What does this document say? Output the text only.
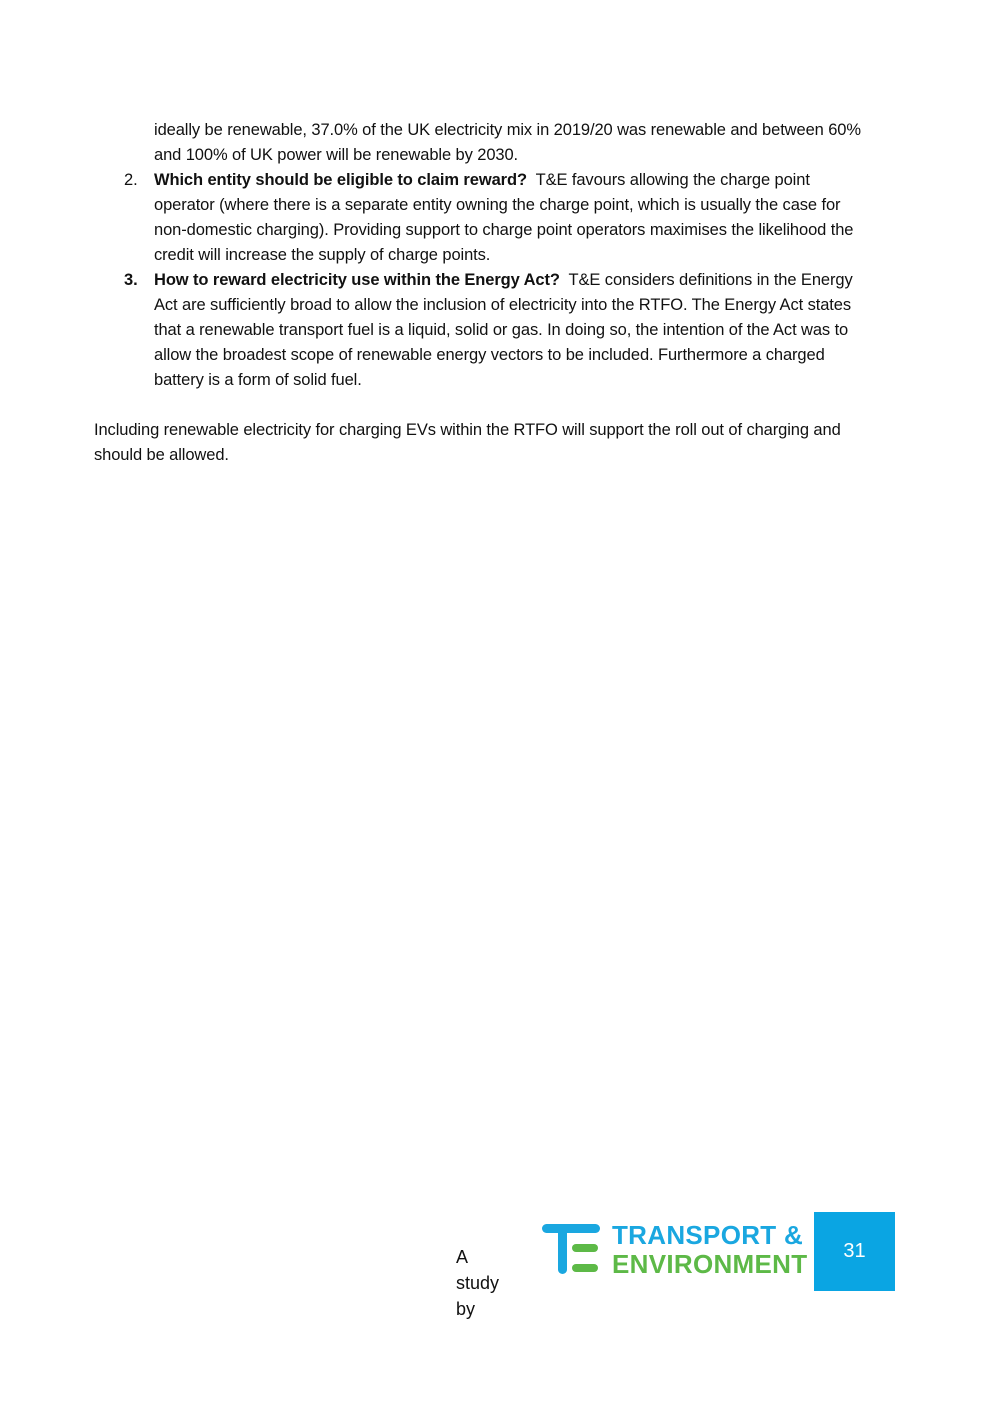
ideally be renewable, 37.0% of the UK electricity mix in 2019/20 was renewable and between 60% and 100% of UK power will be renewable by 2030.
2. Which entity should be eligible to claim reward? T&E favours allowing the charge point operator (where there is a separate entity owning the charge point, which is usually the case for non-domestic charging). Providing support to charge point operators maximises the likelihood the credit will increase the supply of charge points.
3. How to reward electricity use within the Energy Act? T&E considers definitions in the Energy Act are sufficiently broad to allow the inclusion of electricity into the RTFO. The Energy Act states that a renewable transport fuel is a liquid, solid or gas. In doing so, the intention of the Act was to allow the broadest scope of renewable energy vectors to be included. Furthermore a charged battery is a form of solid fuel.

Including renewable electricity for charging EVs within the RTFO will support the roll out of charging and should be allowed.

A study by
TRANSPORT &
ENVIRONMENT 31
